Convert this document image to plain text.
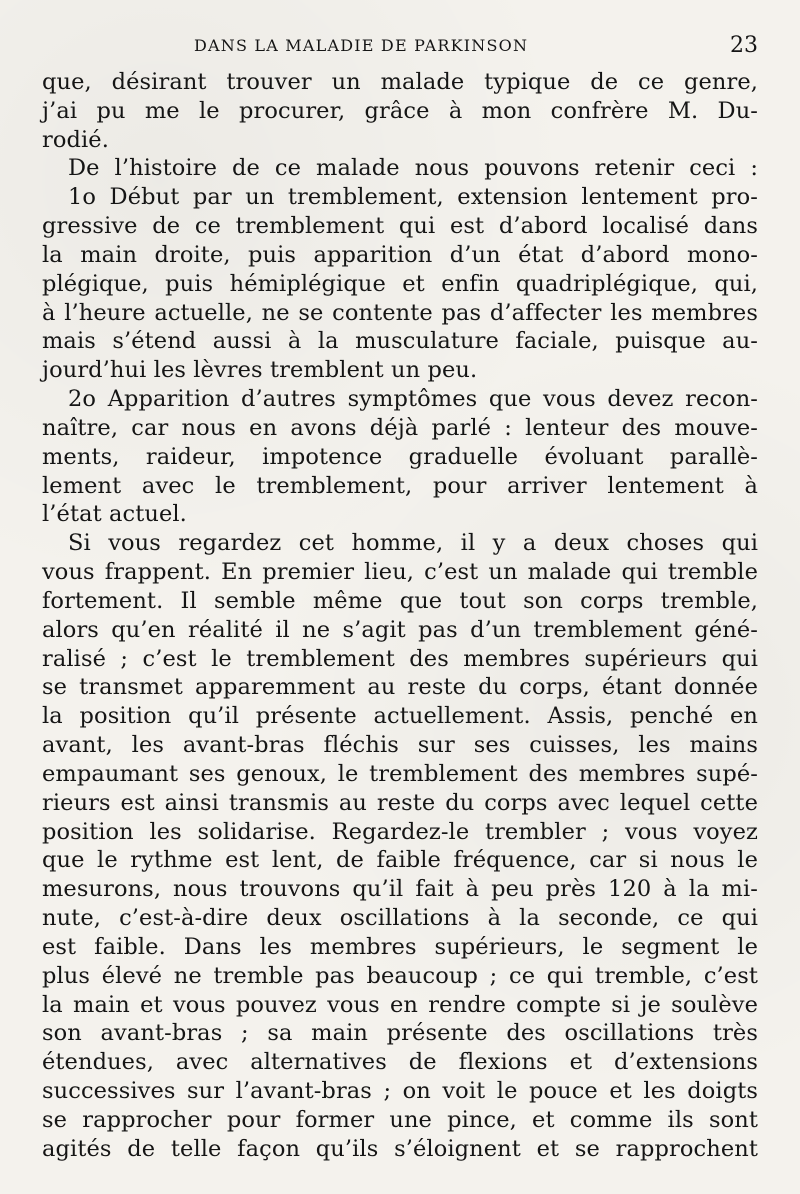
DANS LA MALADIE DE PARKINSON	23
que, désirant trouver un malade typique de ce genre,
j’ai pu me le procurer, grâce à mon confrère M. Du-
rodié.
De l’histoire de ce malade nous pouvons retenir ceci :
1o Début par un tremblement, extension lentement pro-
gressive de ce tremblement qui est d’abord localisé dans
la main droite, puis apparition d’un état d’abord mono-
plégique, puis hémiplégique et enfin quadriplégique, qui,
à l’heure actuelle, ne se contente pas d’affecter les membres
mais s’étend aussi à la musculature faciale, puisque au-
jourd’hui les lèvres tremblent un peu.
2o Apparition d’autres symptômes que vous devez recon-
naître, car nous en avons déjà parlé : lenteur des mouve-
ments, raideur, impotence graduelle évoluant parallè-
lement avec le tremblement, pour arriver lentement à
l’état actuel.
Si vous regardez cet homme, il y a deux choses qui
vous frappent. En premier lieu, c’est un malade qui tremble
fortement. Il semble même que tout son corps tremble,
alors qu’en réalité il ne s’agit pas d’un tremblement géné-
ralisé ; c’est le tremblement des membres supérieurs qui
se transmet apparemment au reste du corps, étant donnée
la position qu’il présente actuellement. Assis, penché en
avant, les avant-bras fléchis sur ses cuisses, les mains
empaumant ses genoux, le tremblement des membres supé-
rieurs est ainsi transmis au reste du corps avec lequel cette
position les solidarise. Regardez-le trembler ; vous voyez
que le rythme est lent, de faible fréquence, car si nous le
mesurons, nous trouvons qu’il fait à peu près 120 à la mi-
nute, c’est-à-dire deux oscillations à la seconde, ce qui
est faible. Dans les membres supérieurs, le segment le
plus élevé ne tremble pas beaucoup ; ce qui tremble, c’est
la main et vous pouvez vous en rendre compte si je soulève
son avant-bras ; sa main présente des oscillations très
étendues, avec alternatives de flexions et d’extensions
successives sur l’avant-bras ; on voit le pouce et les doigts
se rapprocher pour former une pince, et comme ils sont
agités de telle façon qu’ils s’éloignent et se rapprochent
